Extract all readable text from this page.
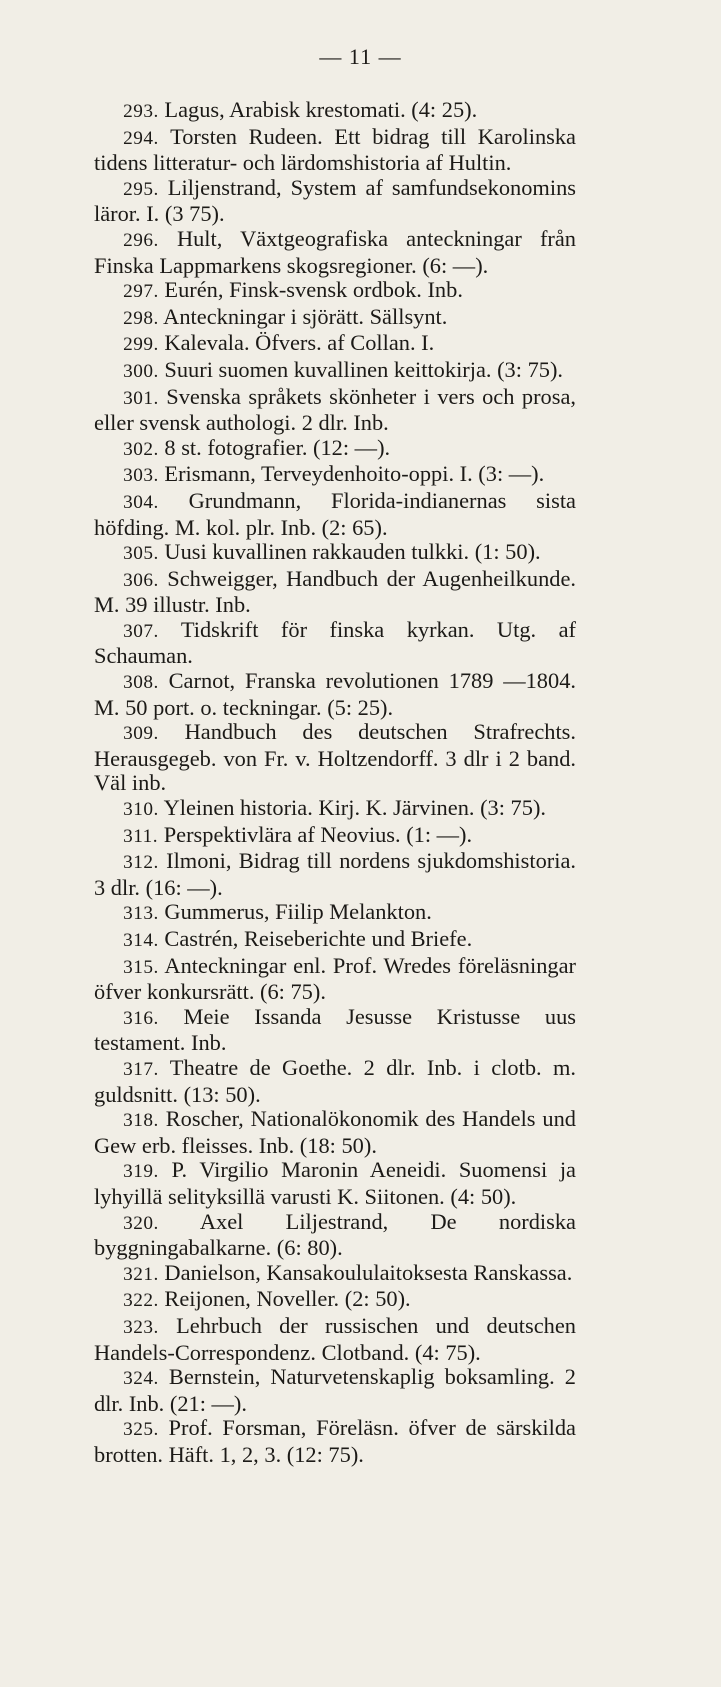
— 11 —

293. Lagus, Arabisk krestomati. (4: 25).

294. Torsten Rudeen. Ett bidrag till Karolinska tidens litteratur- och lärdomshistoria af Hultin.

295. Liljenstrand, System af samfundsekonomins läror. I. (3 75).

296. Hult, Växtgeografiska anteckningar från Finska Lappmarkens skogsregioner. (6: —).

297. Eurén, Finsk-svensk ordbok. Inb.

298. Anteckningar i sjörätt. Sällsynt.

299. Kalevala. Öfvers. af Collan. I.

300. Suuri suomen kuvallinen keittokirja. (3: 75).

301. Svenska språkets skönheter i vers och prosa, eller svensk authologi. 2 dlr. Inb.

302. 8 st. fotografier. (12: —).

303. Erismann, Terveydenhoito-oppi. I. (3: —).

304. Grundmann, Florida-indianernas sista höfding. M. kol. plr. Inb. (2: 65).

305. Uusi kuvallinen rakkauden tulkki. (1: 50).

306. Schweigger, Handbuch der Augenheilkunde. M. 39 illustr. Inb.

307. Tidskrift för finska kyrkan. Utg. af Schauman.

308. Carnot, Franska revolutionen 1789 —1804. M. 50 port. o. teckningar. (5: 25).

309. Handbuch des deutschen Strafrechts. Herausgegeb. von Fr. v. Holtzendorff. 3 dlr i 2 band. Väl inb.

310. Yleinen historia. Kirj. K. Järvinen. (3: 75).

311. Perspektivlära af Neovius. (1: —).

312. Ilmoni, Bidrag till nordens sjukdomshistoria. 3 dlr. (16: —).

313. Gummerus, Fiilip Melankton.

314. Castrén, Reiseberichte und Briefe.

315. Anteckningar enl. Prof. Wredes föreläsningar öfver konkursrätt. (6: 75).

316. Meie Issanda Jesusse Kristusse uus testament. Inb.

317. Theatre de Goethe. 2 dlr. Inb. i clotb. m. guldsnitt. (13: 50).

318. Roscher, Nationalökonomik des Handels und Gew erb. fleisses. Inb. (18: 50).

319. P. Virgilio Maronin Aeneidi. Suomensi ja lyhyillä selityksillä varusti K. Siitonen. (4: 50).

320. Axel Liljestrand, De nordiska byggningabalkarne. (6: 80).

321. Danielson, Kansakoululaitoksesta Ranskassa.

322. Reijonen, Noveller. (2: 50).

323. Lehrbuch der russischen und deutschen Handels-Correspondenz. Clotband. (4: 75).

324. Bernstein, Naturvetenskaplig boksamling. 2 dlr. Inb. (21: —).

325. Prof. Forsman, Föreläsn. öfver de särskilda brotten. Häft. 1, 2, 3. (12: 75).
